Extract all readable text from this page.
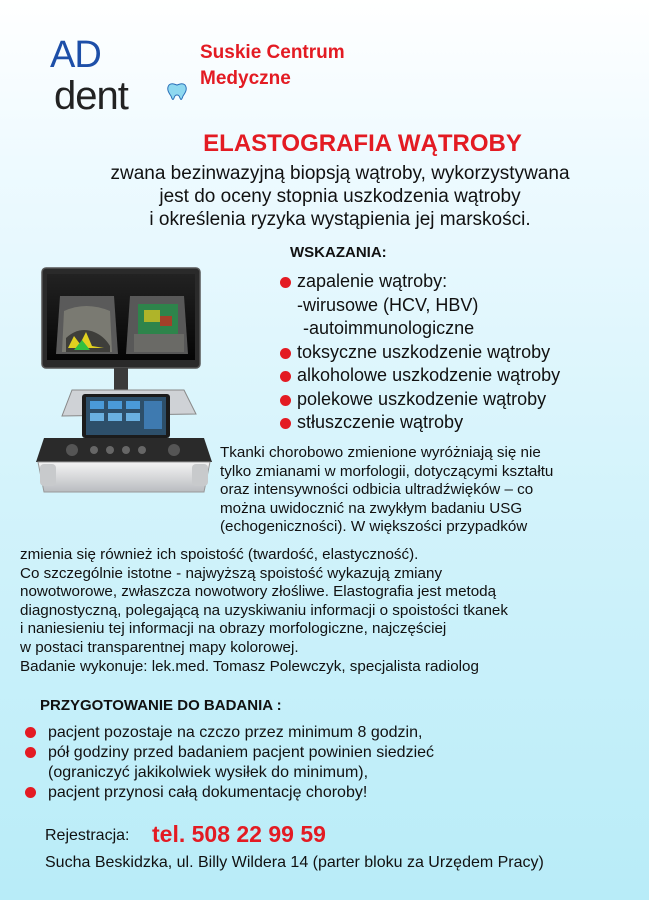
AD
dent
Suskie Centrum
Medyczne
ELASTOGRAFIA WĄTROBY
zwana bezinwazyjną biopsją wątroby, wykorzystywana
jest do oceny stopnia uszkodzenia wątroby
i określenia ryzyka wystąpienia jej marskości.
WSKAZANIA:
zapalenie wątroby:
-wirusowe (HCV, HBV)
-autoimmunologiczne
toksyczne uszkodzenie wątroby
alkoholowe uszkodzenie wątroby
polekowe uszkodzenie wątroby
stłuszczenie wątroby
Tkanki chorobowo zmienione wyróżniają się nie
tylko zmianami w morfologii, dotyczącymi kształtu
oraz intensywności odbicia ultradźwięków – co
można uwidocznić na zwykłym badaniu USG
(echogeniczności). W większości przypadków
zmienia się również ich spoistość (twardość, elastyczność).
Co szczególnie istotne - najwyższą spoistość wykazują zmiany
nowotworowe, zwłaszcza nowotwory złośliwe. Elastografia jest metodą
diagnostyczną, polegającą na uzyskiwaniu informacji o spoistości tkanek
i naniesieniu tej informacji na obrazy morfologiczne, najczęściej
w postaci transparentnej mapy kolorowej.
Badanie wykonuje: lek.med. Tomasz Polewczyk, specjalista radiolog
PRZYGOTOWANIE DO BADANIA :
pacjent pozostaje na czczo przez minimum 8 godzin,
pół godziny przed badaniem pacjent powinien siedzieć
(ograniczyć jakikolwiek wysiłek do minimum),
pacjent przynosi całą dokumentację choroby!
Rejestracja: tel. 508 22 99 59
Sucha Beskidzka, ul. Billy Wildera 14 (parter bloku za Urzędem Pracy)
